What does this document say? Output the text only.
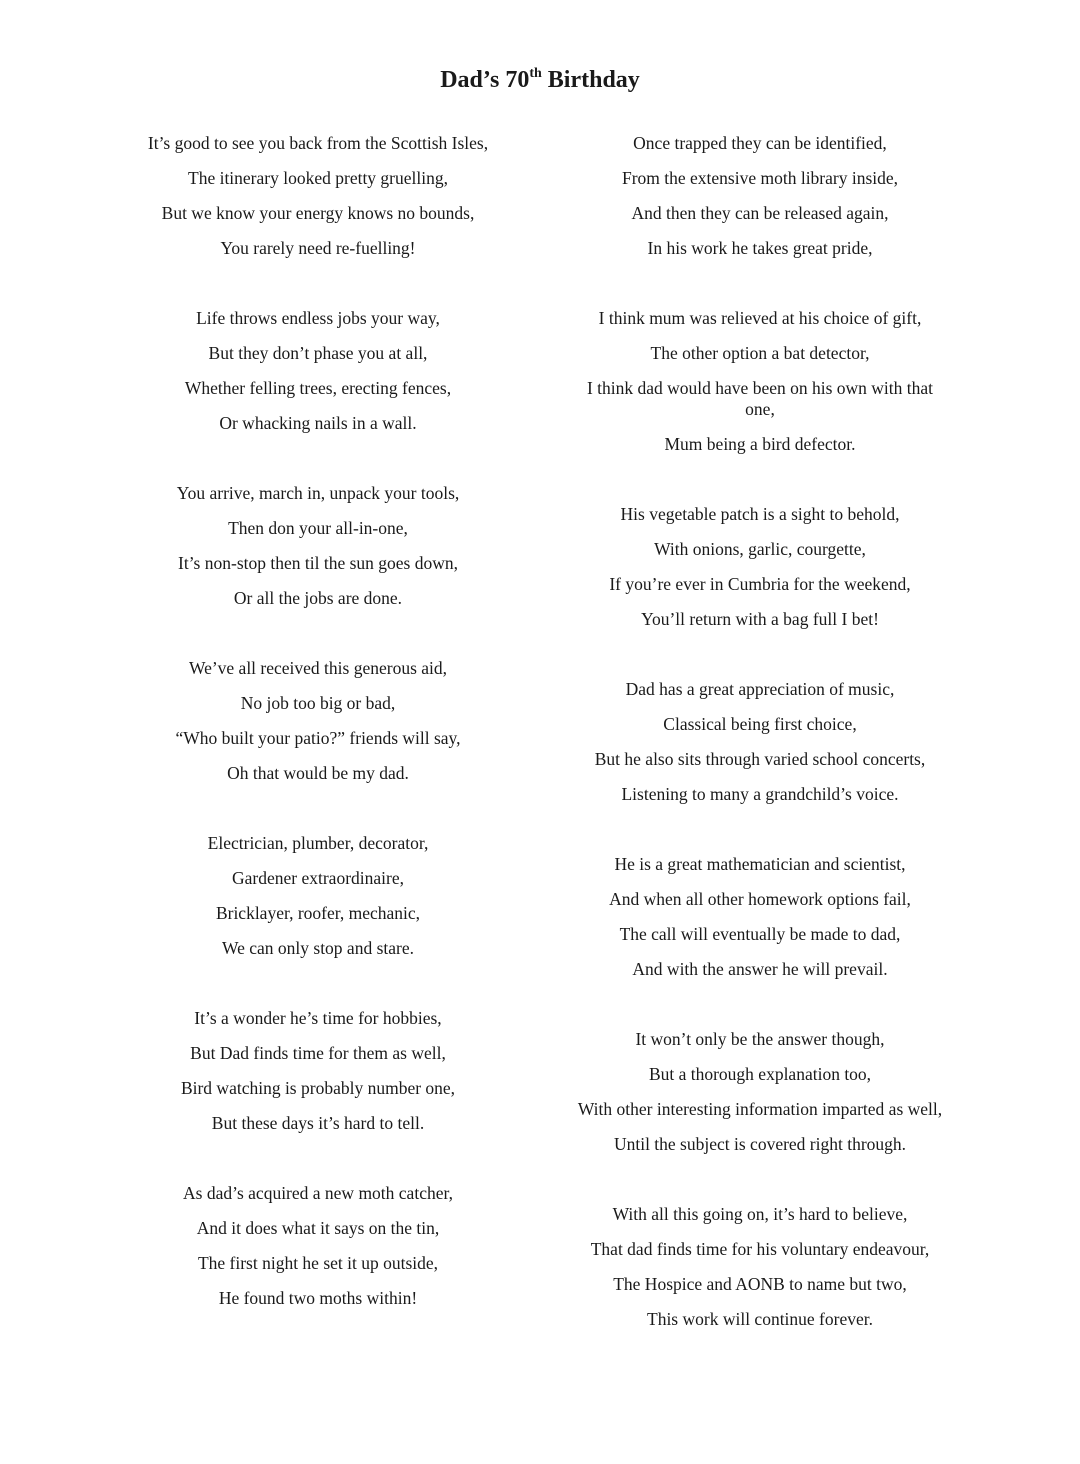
Dad’s 70th Birthday

It’s good to see you back from the Scottish Isles,

The itinerary looked pretty gruelling,

But we know your energy knows no bounds,

You rarely need re-fuelling!

Life throws endless jobs your way,

But they don’t phase you at all,

Whether felling trees, erecting fences,

Or whacking nails in a wall.

You arrive, march in, unpack your tools,

Then don your all-in-one,

It’s non-stop then til the sun goes down,

Or all the jobs are done.

We’ve all received this generous aid,

No job too big or bad,

“Who built your patio?” friends will say,

Oh that would be my dad.

Electrician, plumber, decorator,

Gardener extraordinaire,

Bricklayer, roofer, mechanic,

We can only stop and stare.

It’s a wonder he’s time for hobbies,

But Dad finds time for them as well,

Bird watching is probably number one,

But these days it’s hard to tell.

As dad’s acquired a new moth catcher,

And it does what it says on the tin,

The first night he set it up outside,

He found two moths within!

Once trapped they can be identified,

From the extensive moth library inside,

And then they can be released again,

In his work he takes great pride,

I think mum was relieved at his choice of gift,

The other option a bat detector,

I think dad would have been on his own with that one,

Mum being a bird defector.

His vegetable patch is a sight to behold,

With onions, garlic, courgette,

If you’re ever in Cumbria for the weekend,

You’ll return with a bag full I bet!

Dad has a great appreciation of music,

Classical being first choice,

But he also sits through varied school concerts,

Listening to many a grandchild’s voice.

He is a great mathematician and scientist,

And when all other homework options fail,

The call will eventually be made to dad,

And with the answer he will prevail.

It won’t only be the answer though,

But a thorough explanation too,

With other interesting information imparted as well,

Until the subject is covered right through.

With all this going on, it’s hard to believe,

That dad finds time for his voluntary endeavour,

The Hospice and AONB to name but two,

This work will continue forever.
